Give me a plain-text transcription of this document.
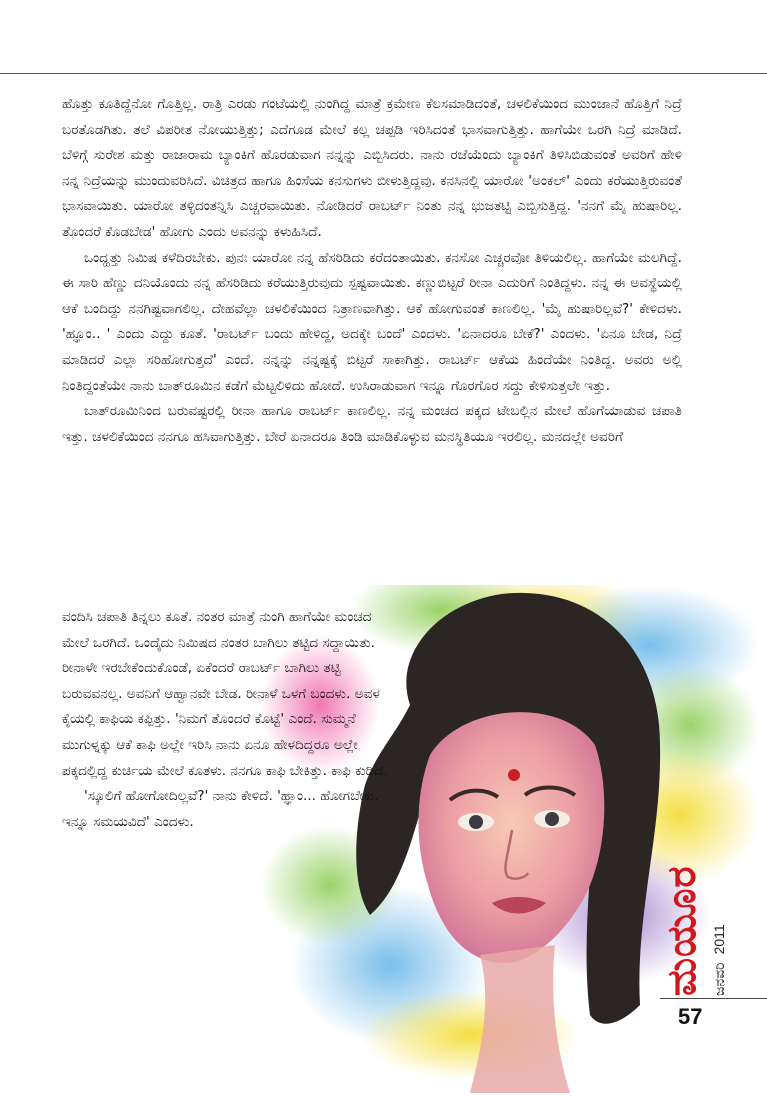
ಹೊತ್ತು ಕೂತಿದ್ದೆನೋ ಗೊತ್ತಿಲ್ಲ. ರಾತ್ರಿ ಎರಡು ಗಂಟೆಯಲ್ಲಿ ನುಂಗಿದ್ದ ಮಾತ್ರೆ ಕ್ರಮೇಣ ಕೆಲಸಮಾಡಿದಂತೆ, ಚಳಲಿಕೆಯಿಂದ ಮುಂಜಾನೆ ಹೊತ್ತಿಗೆ ನಿದ್ರೆ ಬರತೊಡಗಿತು. ತಲೆ ವಿಪರೀತ ನೋಯುತ್ತಿತ್ತು; ಎದೆಗೂಡ ಮೇಲೆ ಕಲ್ಲ ಚಪ್ಪಡಿ ಇರಿಸಿದಂತೆ ಭಾಸವಾಗುತ್ತಿತ್ತು. ಹಾಗೆಯೇ ಒರಗಿ ನಿದ್ರೆ ಮಾಡಿದೆ. ಬೆಳಿಗ್ಗೆ ಸುರೇಶ ಮತ್ತು ರಾಜಾರಾಮ ಬ್ಯಾಂಕಿಗೆ ಹೊರಡುವಾಗ ನನ್ನನ್ನು ಎಬ್ಬಿಸಿದರು. ನಾನು ರಜೆಯೆಂದು ಬ್ಯಾಂಕಿಗೆ ತಿಳಿಸಿಬಿಡುವಂತೆ ಅವರಿಗೆ ಹೇಳಿ ನನ್ನ ನಿದ್ರೆಯನ್ನು ಮುಂದುವರಿಸಿದೆ. ವಿಚಿತ್ರದ ಹಾಗೂ ಹಿಂಸೆಯ ಕನಸುಗಳು ಬೀಳುತ್ತಿದ್ದವು. ಕನಸಿನಲ್ಲಿ ಯಾರೋ 'ಅಂಕಲ್' ಎಂದು ಕರೆಯುತ್ತಿರುವಂತೆ ಭಾಸವಾಯಿತು. ಯಾರೋ ತಳ್ಳಿದಂತನ್ನಿಸಿ ಎಚ್ಚರವಾಯಿತು. ನೋಡಿದರೆ ರಾಬರ್ಟ್ ನಿಂತು ನನ್ನ ಭುಜತಟ್ಟಿ ಎಬ್ಬಿಸುತ್ತಿದ್ದ. 'ನನಗೆ ಮೈ ಹುಷಾರಿಲ್ಲ. ತೊಂದರೆ ಕೊಡಬೇಡ' ಹೋಗು ಎಂದು ಅವನನ್ನು ಕಳುಹಿಸಿದೆ.

ಒಂದ್ಹತ್ತು ನಿಮಿಷ ಕಳೆದಿರಬೇಕು. ಪುನಃ ಯಾರೋ ನನ್ನ ಹೆಸರಿಡಿದು ಕರೆದಂತಾಯಿತು. ಕನಸೋ ಎಚ್ಚರವೋ ತಿಳಿಯಲಿಲ್ಲ. ಹಾಗೆಯೇ ಮಲಗಿದ್ದೆ. ಈ ಸಾರಿ ಹೆಣ್ಣು ದನಿಯೊಂದು ನನ್ನ ಹೆಸರಿಡಿದು ಕರೆಯುತ್ತಿರುವುದು ಸ್ಪಷ್ಟವಾಯಿತು. ಕಣ್ಣುಬಿಟ್ಟರೆ ರೀನಾ ಎದುರಿಗೆ ನಿಂತಿದ್ದಳು. ನನ್ನ ಈ ಅವಸ್ಥೆಯಲ್ಲಿ ಆಕೆ ಬಂದಿದ್ದು ನನಗಿಷ್ಟವಾಗಲಿಲ್ಲ. ದೇಹವೆಲ್ಲಾ ಚಳಲಿಕೆಯಿಂದ ನಿತ್ರಾಣವಾಗಿತ್ತು. ಆಕೆ ಹೋಗುವಂತೆ ಕಾಣಲಿಲ್ಲ. 'ಮೈ ಹುಷಾರಿಲ್ಲವೆ?' ಕೇಳಿದಳು. 'ಹ್ಞೂಂ.. ' ಎಂದು ಎದ್ದು ಕೂತೆ. 'ರಾಬರ್ಟ್ ಬಂದು ಹೇಳಿದ್ದ, ಅದಕ್ಕೇ ಬಂದೆ' ಎಂದಳು. 'ಏನಾದರೂ ಬೇಕೆ?' ಎಂದಳು. 'ಏನೂ ಬೇಡ, ನಿದ್ರೆ ಮಾಡಿದರೆ ಎಲ್ಲಾ ಸರಿಹೋಗುತ್ತದೆ' ಎಂದೆ. ನನ್ನನ್ನು ನನ್ನಷ್ಟಕ್ಕೆ ಬಿಟ್ಟರೆ ಸಾಕಾಗಿತ್ತು. ರಾಬರ್ಟ್ ಆಕೆಯ ಹಿಂದೆಯೇ ನಿಂತಿದ್ದ. ಅವರು ಅಲ್ಲಿ ನಿಂತಿದ್ದಂತೆಯೇ ನಾನು ಬಾತ್‌ರೂಮಿನ ಕಡೆಗೆ ಮೆಟ್ಟಲಿಳಿದು ಹೋದೆ. ಉಸಿರಾಡುವಾಗ ಇನ್ನೂ ಗೊರಗೊರ ಸದ್ದು ಕೇಳಿಸುತ್ತಲೇ ಇತ್ತು.

ಬಾತ್‌ರೂಮಿನಿಂದ ಬರುವಷ್ಟರಲ್ಲಿ ರೀನಾ ಹಾಗೂ ರಾಬರ್ಟ್ ಕಾಣಲಿಲ್ಲ. ನನ್ನ ಮಂಚದ ಪಕ್ಕದ ಟೇಬಲ್ಲಿನ ಮೇಲೆ ಹೊಗೆಯಾಡುವ ಚಪಾತಿ ಇತ್ತು. ಚಳಲಿಕೆಯಿಂದ ನನಗೂ ಹಸಿವಾಗುತ್ತಿತ್ತು. ಬೇರೆ ಏನಾದರೂ ತಿಂಡಿ ಮಾಡಿಕೊಳ್ಳುವ ಮನಸ್ಥಿತಿಯೂ ಇರಲಿಲ್ಲ. ಮನದಲ್ಲೇ ಅವರಿಗೆ

ವಂದಿಸಿ ಚಪಾತಿ ತಿನ್ನಲು ಕೂತೆ. ನಂತರ ಮಾತ್ರೆ ನುಂಗಿ ಹಾಗೆಯೇ ಮಂಚದ ಮೇಲೆ ಒರಗಿದೆ. ಒಂದೈದು ನಿಮಿಷದ ನಂತರ ಬಾಗಿಲು ತಟ್ಟಿದ ಸದ್ದಾಯಿತು. ರೀನಾಳೇ ಇರಬೇಕೆಂದುಕೊಂಡೆ, ಏಕೆಂದರೆ ರಾಬರ್ಟ್ ಬಾಗಿಲು ತಟ್ಟಿ ಬರುವವನಲ್ಲ. ಅವನಿಗೆ ಆಹ್ವಾನವೇ ಬೇಡ. ರೀನಾಳೆ ಒಳಗೆ ಬಂದಳು. ಅವಳ ಕೈಯಲ್ಲಿ ಕಾಫಿಯ ಕಪ್ಪಿತ್ತು. 'ನಿಮಗೆ ತೊಂದರೆ ಕೊಟ್ಟೆ' ಎಂದೆ. ಸುಮ್ಮನೆ ಮುಗುಳ್ನಕ್ಕು ಆಕೆ ಕಾಫಿ ಅಲ್ಲೇ ಇರಿಸಿ ನಾನು ಏನೂ ಹೇಳದಿದ್ದರೂ ಅಲ್ಲೇ ಪಕ್ಕದಲ್ಲಿದ್ದ ಕುರ್ಚಿಯ ಮೇಲೆ ಕೂತಳು. ನನಗೂ ಕಾಫಿ ಬೇಕಿತ್ತು. ಕಾಫಿ ಕುಡಿದೆ.

'ಸ್ಕೂಲಿಗೆ ಹೋಗೋದಿಲ್ಲವೆ?' ನಾನು ಕೇಳಿದೆ. 'ಹ್ಞಾಂ... ಹೋಗಬೇಕು. ಇನ್ನೂ ಸಮಯವಿದೆ' ಎಂದಳು.

ಮಯೂರ ಜನವರಿ2011
57
